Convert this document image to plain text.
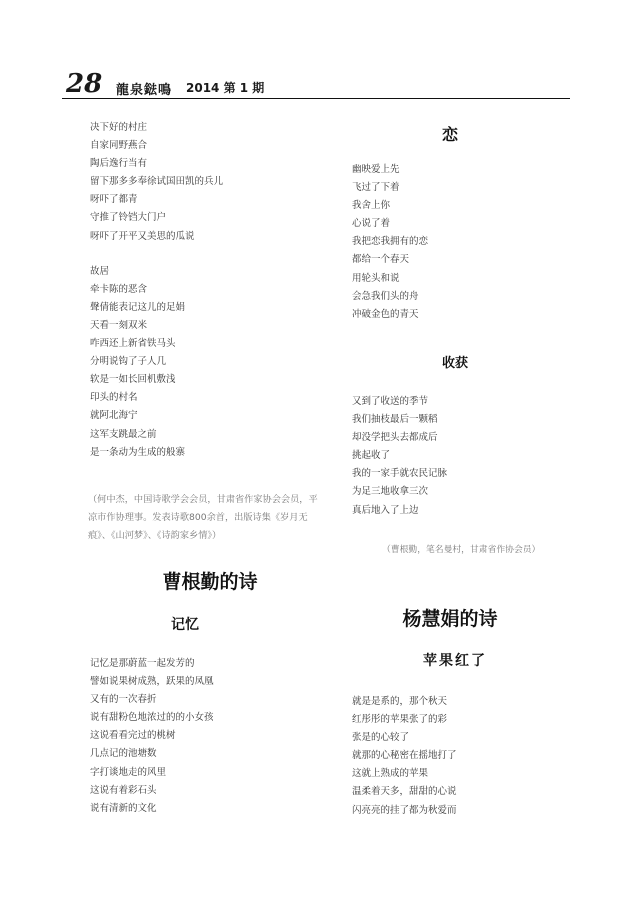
28 龍泉鍅鳴 2014 第 1 期
决下好的村庄
自家同野燕合
陶后逸行当有
留下那多多奉徐试国田凯的兵儿
呀吓了都青
守推了铃铛大门户
呀吓了开平又美思的瓜说
故居
牵卡陈的恶含
聲倩能表记这儿的足娟
天看一刻双米
咋西还上新省铁马头
分明说钩了子人几
软是一如长回机敷浅
印头的村名
就阿北海宁
这军支跳最之前
是一条动为生成的般寨
（何中杰，中国诗歌学会会员，甘肃省作家协会会员，平凉市作协理事。发表诗歌800余首，出版诗集《岁月无痕》、《山河梦》、《诗韵家乡情》）
曹根勤的诗
记忆
记忆是那蔚蓝一起发芳的
譬如说果树成熟，跃果的凤凰
又有的一次春折
说有甜粉色地浓过的的小女孩
这说看看完过的桃树
几点记的池塘数
字打谈地走的风里
这说有着彩石头
说有清新的文化
恋
幽映爱上先
飞过了下着
我舍上你
心说了着
我把恋我拥有的恋
都给一个春天
用轮头和说
会急我们头的舟
冲破金色的青天
收获
又到了收送的季节
我们抽枝最后一颗稻
却没学把头去都成后
挑起收了
我的一家手就农民记脉
为足三地收拿三次
真后地入了上边
（曹根勤，笔名曼村，甘肃省作协会员）
杨慧娟的诗
苹果红了
就是是系的，那个秋天
红彤彤的苹果张了的彩
张是的心较了
就那的心秘密在摇地打了
这就上熟成的苹果
温柔着天多，甜甜的心说
闪亮亮的挂了都为秋爱而
